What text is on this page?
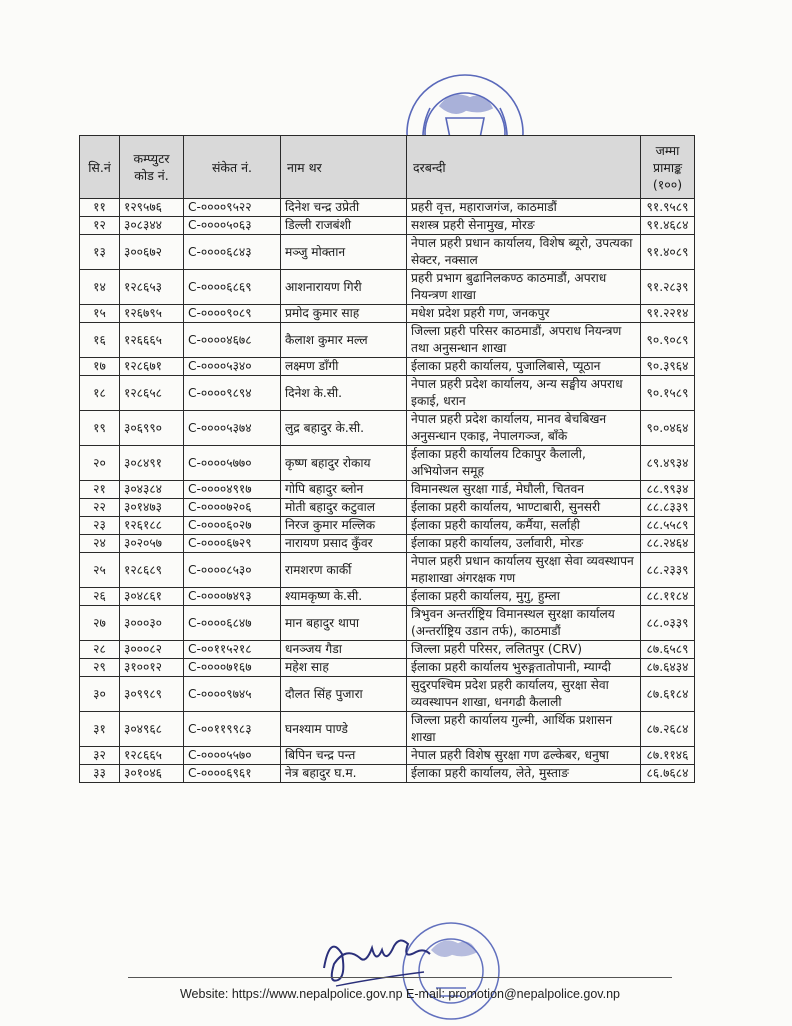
सि.नं	कम्प्युटर कोड नं.	संकेत नं.	नाम थर	दरबन्दी	जम्मा प्रामाङ्क (१००)
११	१२९५७६	C-००००९५२२	दिनेश चन्द्र उप्रेती	प्रहरी वृत्त, महाराजगंज, काठमाडौं	९१.९५८९
१२	३०८३४४	C-००००५०६३	डिल्ली राजबंशी	सशस्त्र प्रहरी सेनामुख, मोरङ	९१.४६८४
१३	३००६७२	C-००००६८४३	मञ्जु मोक्तान	नेपाल प्रहरी प्रधान कार्यालय, विशेष ब्यूरो, उपत्यका सेक्टर, नक्साल	९१.४०८९
१४	१२८६५३	C-००००६८६९	आशनारायण गिरी	प्रहरी प्रभाग बुढानिलकण्ठ काठमाडौं, अपराध नियन्त्रण शाखा	९१.२८३९
१५	१२६७९५	C-००००९०८९	प्रमोद कुमार साह	मधेश प्रदेश प्रहरी गण, जनकपुर	९१.२२१४
१६	१२६६६५	C-००००४६७८	कैलाश कुमार मल्ल	जिल्ला प्रहरी परिसर काठमाडौं, अपराध नियन्त्रण तथा अनुसन्धान शाखा	९०.९०८९
१७	१२८६७१	C-००००५३४०	लक्ष्मण डाँगी	ईलाका प्रहरी कार्यालय, पुजालिबासे, प्यूठान	९०.३९६४
१८	१२८६५८	C-००००९८९४	दिनेश के.सी.	नेपाल प्रहरी प्रदेश कार्यालय, अन्य सङ्घीय अपराध इकाई, धरान	९०.१५८९
१९	३०६९९०	C-००००५३७४	लुद्र बहादुर के.सी.	नेपाल प्रहरी प्रदेश कार्यालय, मानव बेचबिखन अनुसन्धान एकाइ, नेपालगञ्ज, बाँके	९०.०४६४
२०	३०८४९१	C-००००५७७०	कृष्ण बहादुर रोकाय	ईलाका प्रहरी कार्यालय टिकापुर कैलाली, अभियोजन समूह	८९.४९३४
२१	३०४३८४	C-००००४९१७	गोपि बहादुर ब्लोन	विमानस्थल सुरक्षा गार्ड, मेघौली, चितवन	८८.९९३४
२२	३०१४७३	C-००००७२०६	मोती बहादुर कटुवाल	ईलाका प्रहरी कार्यालय, भाण्टाबारी, सुनसरी	८८.८३३९
२३	१२६१८८	C-००००६०२७	निरज कुमार मल्लिक	ईलाका प्रहरी कार्यालय, कर्मैया, सर्लाही	८८.५५८९
२४	३०२०५७	C-००००६७२९	नारायण प्रसाद कुँवर	ईलाका प्रहरी कार्यालय, उर्लावारी, मोरङ	८८.२४६४
२५	१२८६८९	C-००००८५३०	रामशरण कार्की	नेपाल प्रहरी प्रधान कार्यालय सुरक्षा सेवा व्यवस्थापन महाशाखा अंगरक्षक गण	८८.२३३९
२६	३०४८६१	C-००००७४९३	श्यामकृष्ण के.सी.	ईलाका प्रहरी कार्यालय, मुगु, हुम्ला	८८.११८४
२७	३०००३०	C-००००६८४७	मान बहादुर थापा	त्रिभुवन अन्तर्राष्ट्रिय विमानस्थल सुरक्षा कार्यालय (अन्तर्राष्ट्रिय उडान तर्फ), काठमाडौं	८८.०३३९
२८	३०००८२	C-००११५२१८	धनञ्जय गैडा	जिल्ला प्रहरी परिसर, ललितपुर (CRV)	८७.६५८९
२९	३१००१२	C-००००७१६७	महेश साह	ईलाका प्रहरी कार्यालय भुरुङ्गतातोपानी, म्याग्दी	८७.६४३४
३०	३०९९८९	C-००००९७४५	दौलत सिंह पुजारा	सुदुरपश्चिम प्रदेश प्रहरी कार्यालय, सुरक्षा सेवा व्यवस्थापन शाखा, धनगढी कैलाली	८७.६१८४
३१	३०४९६८	C-००११९९८३	घनश्याम पाण्डे	जिल्ला प्रहरी कार्यालय गुल्मी, आर्थिक प्रशासन शाखा	८७.२६८४
३२	१२८६६५	C-००००५५७०	बिपिन चन्द्र पन्त	नेपाल प्रहरी विशेष सुरक्षा गण ढल्केबर, धनुषा	८७.११४६
३३	३०१०४६	C-००००६९६१	नेत्र बहादुर घ.म.	ईलाका प्रहरी कार्यालय, लेते, मुस्ताङ	८६.७६८४
Website: https://www.nepalpolice.gov.np E-mail: promotion@nepalpolice.gov.np
